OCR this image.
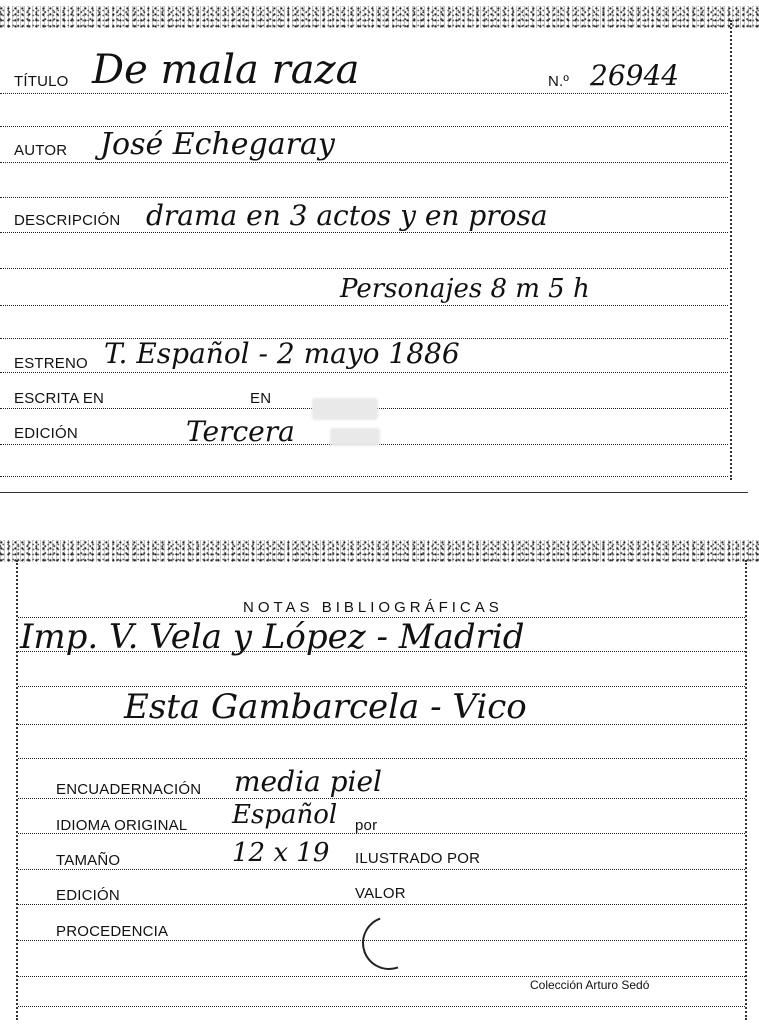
TÍTULO De mala raza	N.º 26944
AUTOR José Echegaray
DESCRIPCIÓN drama en 3 actos y en prosa
Personajes 8 m 5 h
ESTRENO T. Español - 2 mayo 1886
ESCRITA EN	EN
EDICIÓN	Tercera
NOTAS BIBLIOGRÁFICAS
Imp. V. Vela y López - Madrid
Esta Gambarcela - Vico
ENCUADERNACIÓN media piel
IDIOMA ORIGINAL Español por
TAMAÑO	12 x 19 ILUSTRADO POR
EDICIÓN	VALOR
PROCEDENCIA
Colección Arturo Sedó
